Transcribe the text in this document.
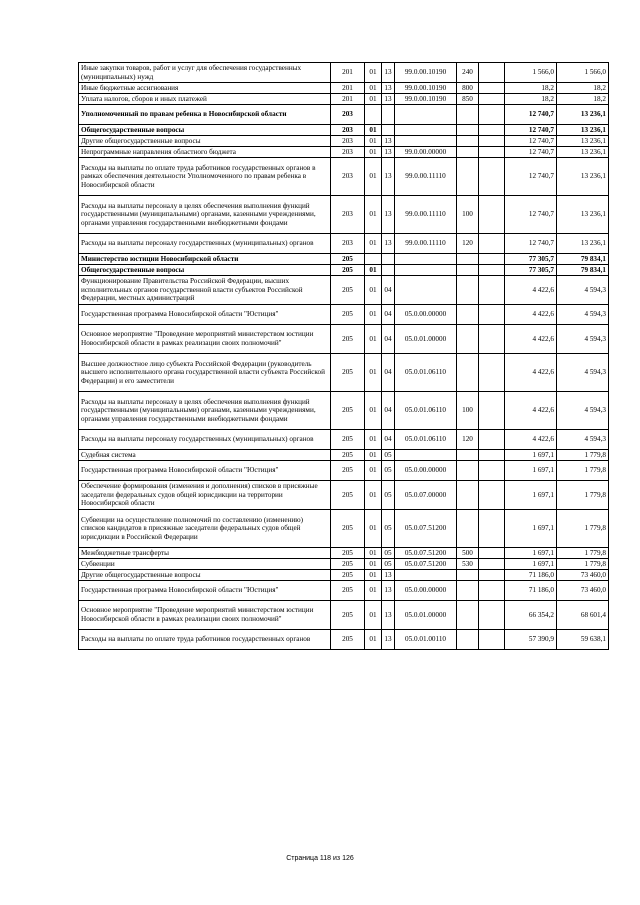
Иные закупки товаров, работ и услуг для обеспечения государственных (муниципальных) нужд	201	01	13	99.0.00.10190	240		1 566,0	1 566,0
Иные бюджетные ассигнования	201	01	13	99.0.00.10190	800		18,2	18,2
Уплата налогов, сборов и иных платежей	201	01	13	99.0.00.10190	850		18,2	18,2
Уполномоченный по правам ребенка в Новосибирской области	203						12 740,7	13 236,1
Общегосударственные вопросы	203	01					12 740,7	13 236,1
Другие общегосударственные вопросы	203	01	13				12 740,7	13 236,1
Непрограммные направления областного бюджета	203	01	13	99.0.00.00000			12 740,7	13 236,1
Расходы на выплаты по оплате труда работников государственных органов в рамках обеспечения деятельности Уполномоченного по правам ребенка в Новосибирской области	203	01	13	99.0.00.11110			12 740,7	13 236,1
Расходы на выплаты персоналу в целях обеспечения выполнения функций государственными (муниципальными) органами, казенными учреждениями, органами управления государственными внебюджетными фондами	203	01	13	99.0.00.11110	100		12 740,7	13 236,1
Расходы на выплаты персоналу государственных (муниципальных) органов	203	01	13	99.0.00.11110	120		12 740,7	13 236,1
Министерство юстиции Новосибирской области	205						77 305,7	79 834,1
Общегосударственные вопросы	205	01					77 305,7	79 834,1
Функционирование Правительства Российской Федерации, высших исполнительных органов государственной власти субъектов Российской Федерации, местных администраций	205	01	04				4 422,6	4 594,3
Государственная программа Новосибирской области "Юстиция"	205	01	04	05.0.00.00000			4 422,6	4 594,3
Основное мероприятие "Проведение мероприятий министерством юстиции Новосибирской области в рамках реализации своих полномочий"	205	01	04	05.0.01.00000			4 422,6	4 594,3
Высшее должностное лицо субъекта Российской Федерации (руководитель высшего исполнительного органа государственной власти субъекта Российской Федерации) и его заместители	205	01	04	05.0.01.06110			4 422,6	4 594,3
Расходы на выплаты персоналу в целях обеспечения выполнения функций государственными (муниципальными) органами, казенными учреждениями, органами управления государственными внебюджетными фондами	205	01	04	05.0.01.06110	100		4 422,6	4 594,3
Расходы на выплаты персоналу государственных (муниципальных) органов	205	01	04	05.0.01.06110	120		4 422,6	4 594,3
Судебная система	205	01	05				1 697,1	1 779,8
Государственная программа Новосибирской области "Юстиция"	205	01	05	05.0.00.00000			1 697,1	1 779,8
Обеспечение формирования (изменения и дополнения) списков в присяжные заседатели федеральных судов общей юрисдикции на территории Новосибирской области	205	01	05	05.0.07.00000			1 697,1	1 779,8
Субвенции на осуществление полномочий по составлению (изменению) списков кандидатов в присяжные заседатели федеральных судов общей юрисдикции в Российской Федерации	205	01	05	05.0.07.51200			1 697,1	1 779,8
Межбюджетные трансферты	205	01	05	05.0.07.51200	500		1 697,1	1 779,8
Субвенции	205	01	05	05.0.07.51200	530		1 697,1	1 779,8
Другие общегосударственные вопросы	205	01	13				71 186,0	73 460,0
Государственная программа Новосибирской области "Юстиция"	205	01	13	05.0.00.00000			71 186,0	73 460,0
Основное мероприятие "Проведение мероприятий министерством юстиции Новосибирской области в рамках реализации своих полномочий"	205	01	13	05.0.01.00000			66 354,2	68 601,4
Расходы на выплаты по оплате труда работников государственных органов	205	01	13	05.0.01.00110			57 390,9	59 638,1
Страница 118 из 126
